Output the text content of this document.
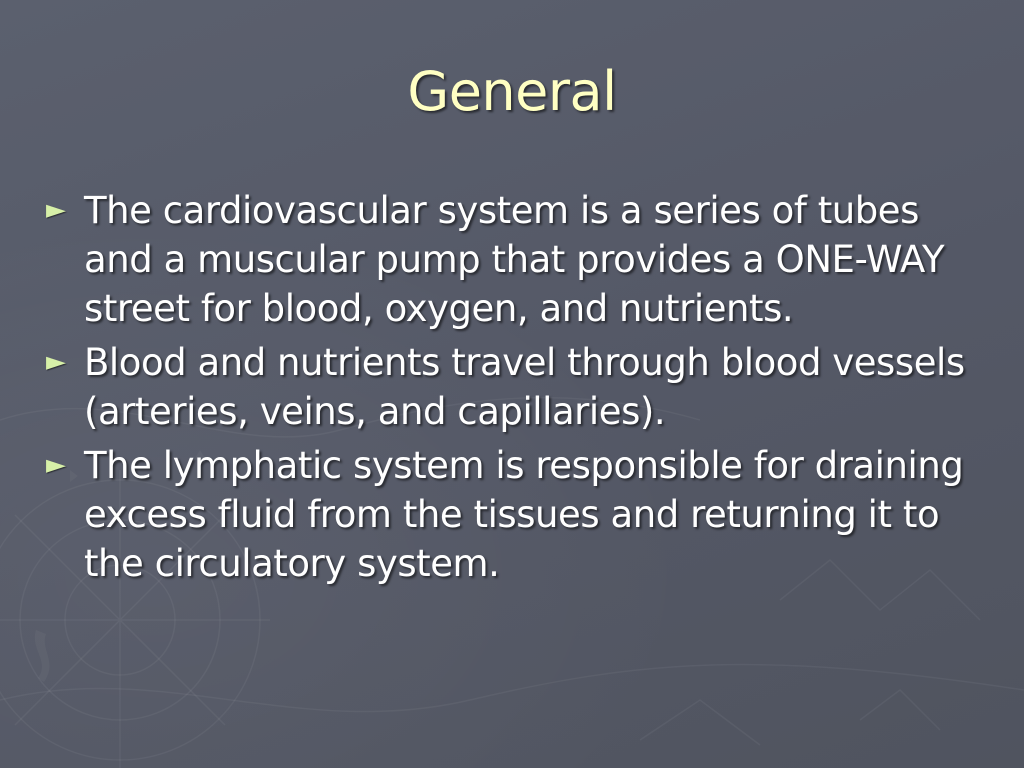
General
► The cardiovascular system is a series of tubes and a muscular pump that provides a ONE-WAY street for blood, oxygen, and nutrients.
► Blood and nutrients travel through blood vessels (arteries, veins, and capillaries).
► The lymphatic system is responsible for draining excess fluid from the tissues and returning it to the circulatory system.
